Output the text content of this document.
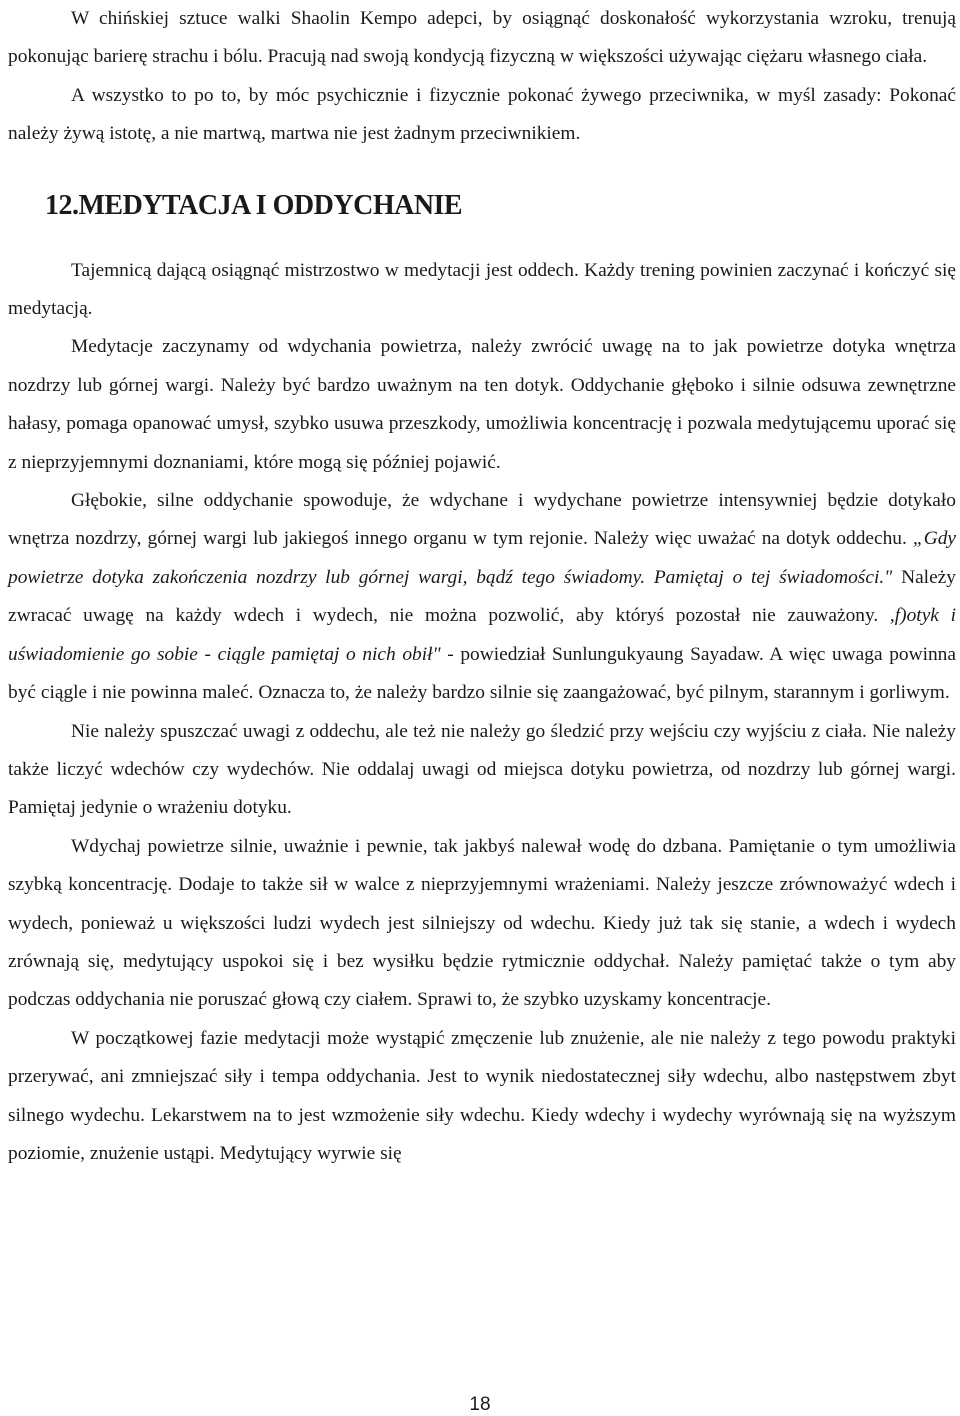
W chińskiej sztuce walki Shaolin Kempo adepci, by osiągnąć doskonałość wykorzystania wzroku, trenują pokonując barierę strachu i bólu. Pracują nad swoją kondycją fizyczną w większości używając ciężaru własnego ciała.

A wszystko to po to, by móc psychicznie i fizycznie pokonać żywego przeciwnika, w myśl zasady: Pokonać należy żywą istotę, a nie martwą, martwa nie jest żadnym przeciwnikiem.

12.MEDYTACJA I ODDYCHANIE

Tajemnicą dającą osiągnąć mistrzostwo w medytacji jest oddech. Każdy trening powinien zaczynać i kończyć się medytacją.

Medytacje zaczynamy od wdychania powietrza, należy zwrócić uwagę na to jak powietrze dotyka wnętrza nozdrzy lub górnej wargi. Należy być bardzo uważnym na ten dotyk. Oddychanie głęboko i silnie odsuwa zewnętrzne hałasy, pomaga opanować umysł, szybko usuwa przeszkody, umożliwia koncentrację i pozwala medytującemu uporać się z nieprzyjemnymi doznaniami, które mogą się później pojawić.

Głębokie, silne oddychanie spowoduje, że wdychane i wydychane powietrze intensywniej będzie dotykało wnętrza nozdrzy, górnej wargi lub jakiegoś innego organu w tym rejonie. Należy więc uważać na dotyk oddechu. „Gdy powietrze dotyka zakończenia nozdrzy lub górnej wargi, bądź tego świadomy. Pamiętaj o tej świadomości." Należy zwracać uwagę na każdy wdech i wydech, nie można pozwolić, aby któryś pozostał nie zauważony. ,f)otyk i uświadomienie go sobie - ciągle pamiętaj o nich obił" - powiedział Sunlungukyaung Sayadaw. A więc uwaga powinna być ciągle i nie powinna maleć. Oznacza to, że należy bardzo silnie się zaangażować, być pilnym, starannym i gorliwym.

Nie należy spuszczać uwagi z oddechu, ale też nie należy go śledzić przy wejściu czy wyjściu z ciała. Nie należy także liczyć wdechów czy wydechów. Nie oddalaj uwagi od miejsca dotyku powietrza, od nozdrzy lub górnej wargi. Pamiętaj jedynie o wrażeniu dotyku.

Wdychaj powietrze silnie, uważnie i pewnie, tak jakbyś nalewał wodę do dzbana. Pamiętanie o tym umożliwia szybką koncentrację. Dodaje to także sił w walce z nieprzyjemnymi wrażeniami. Należy jeszcze zrównoważyć wdech i wydech, ponieważ u większości ludzi wydech jest silniejszy od wdechu. Kiedy już tak się stanie, a wdech i wydech zrównają się, medytujący uspokoi się i bez wysiłku będzie rytmicznie oddychał. Należy pamiętać także o tym aby podczas oddychania nie poruszać głową czy ciałem. Sprawi to, że szybko uzyskamy koncentracje.

W początkowej fazie medytacji może wystąpić zmęczenie lub znużenie, ale nie należy z tego powodu praktyki przerywać, ani zmniejszać siły i tempa oddychania. Jest to wynik niedostatecznej siły wdechu, albo następstwem zbyt silnego wydechu. Lekarstwem na to jest wzmożenie siły wdechu. Kiedy wdechy i wydechy wyrównają się na wyższym poziomie, znużenie ustąpi. Medytujący wyrwie się

18
